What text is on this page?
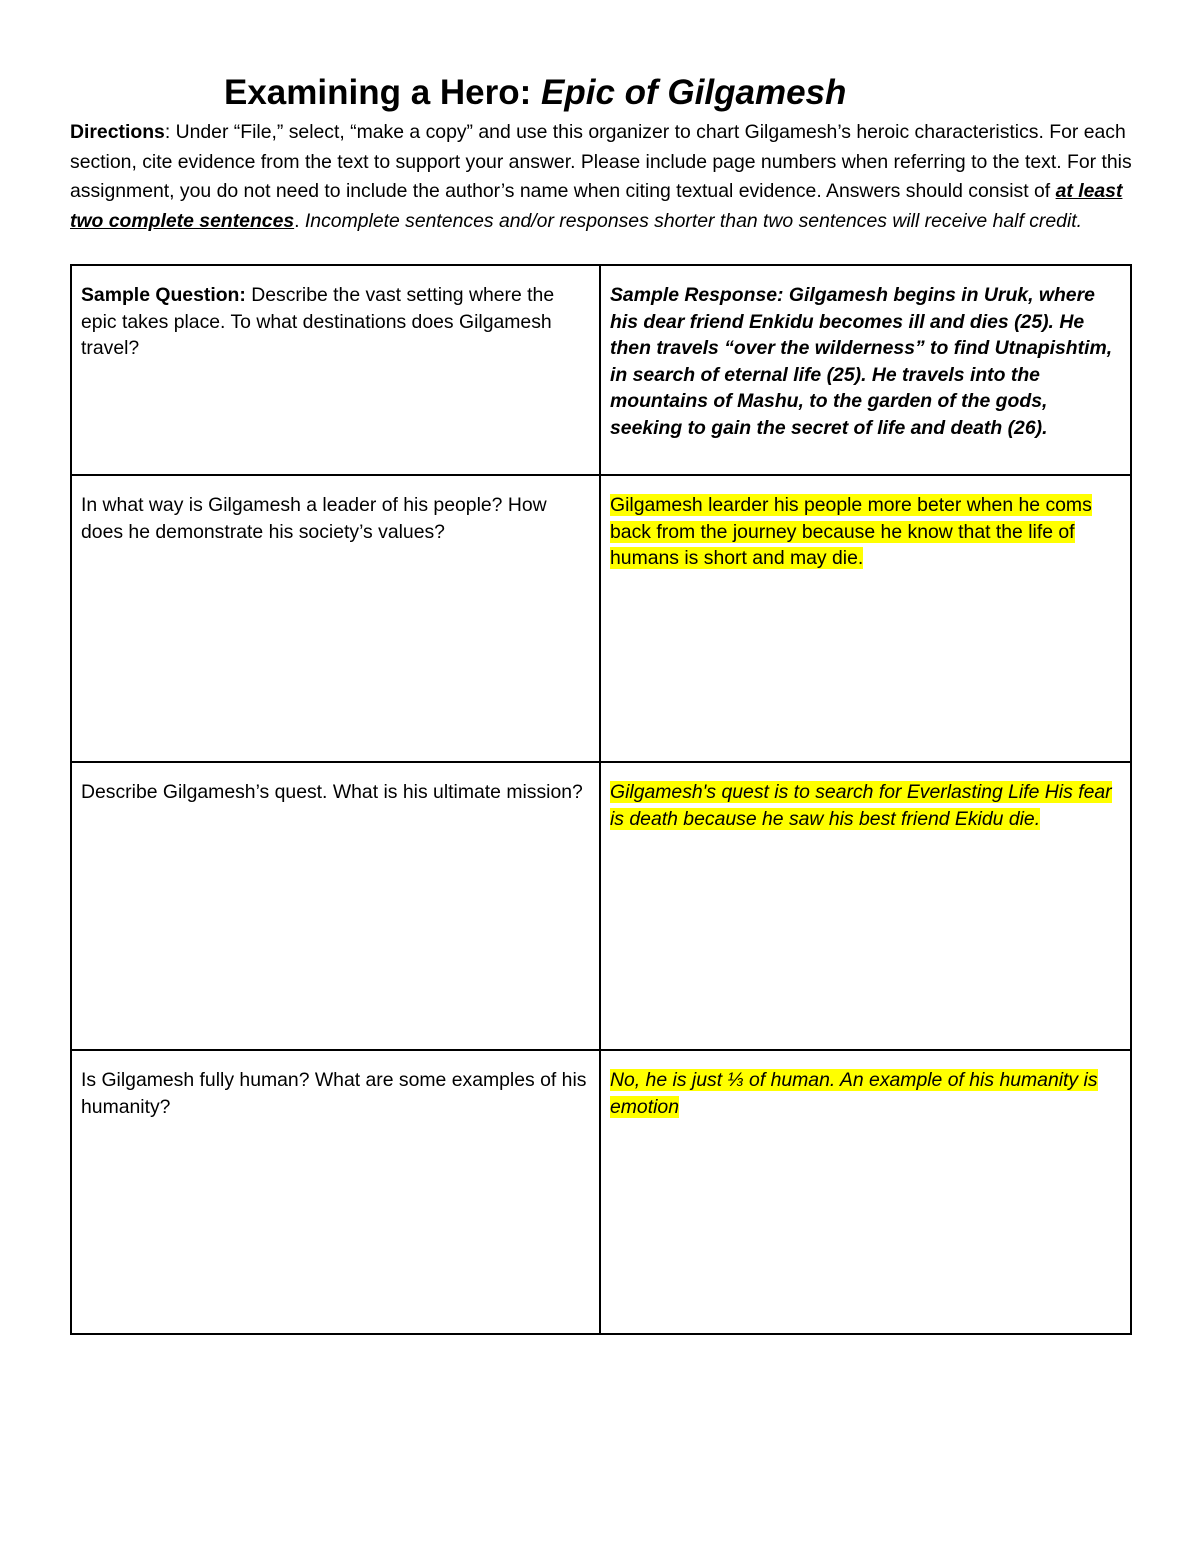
Examining a Hero: Epic of Gilgamesh

Directions: Under “File,” select, “make a copy” and use this organizer to chart Gilgamesh’s heroic characteristics. For each section, cite evidence from the text to support your answer. Please include page numbers when referring to the text. For this assignment, you do not need to include the author’s name when citing textual evidence. Answers should consist of at least two complete sentences. Incomplete sentences and/or responses shorter than two sentences will receive half credit.

Sample Question: Describe the vast setting where the epic takes place. To what destinations does Gilgamesh travel?
Sample Response: Gilgamesh begins in Uruk, where his dear friend Enkidu becomes ill and dies (25). He then travels “over the wilderness” to find Utnapishtim, in search of eternal life (25). He travels into the mountains of Mashu, to the garden of the gods, seeking to gain the secret of life and death (26).
In what way is Gilgamesh a leader of his people? How does he demonstrate his society’s values?
Gilgamesh learder his people more beter when he coms back from the journey because he know that the life of humans is short and may die.
Describe Gilgamesh’s quest. What is his ultimate mission?	Gilgamesh's quest is to search for Everlasting Life His fear is death because he saw his best friend Ekidu die.
Is Gilgamesh fully human? What are some examples of his humanity?
No, he is just ⅓ of human. An example of his humanity is emotion
